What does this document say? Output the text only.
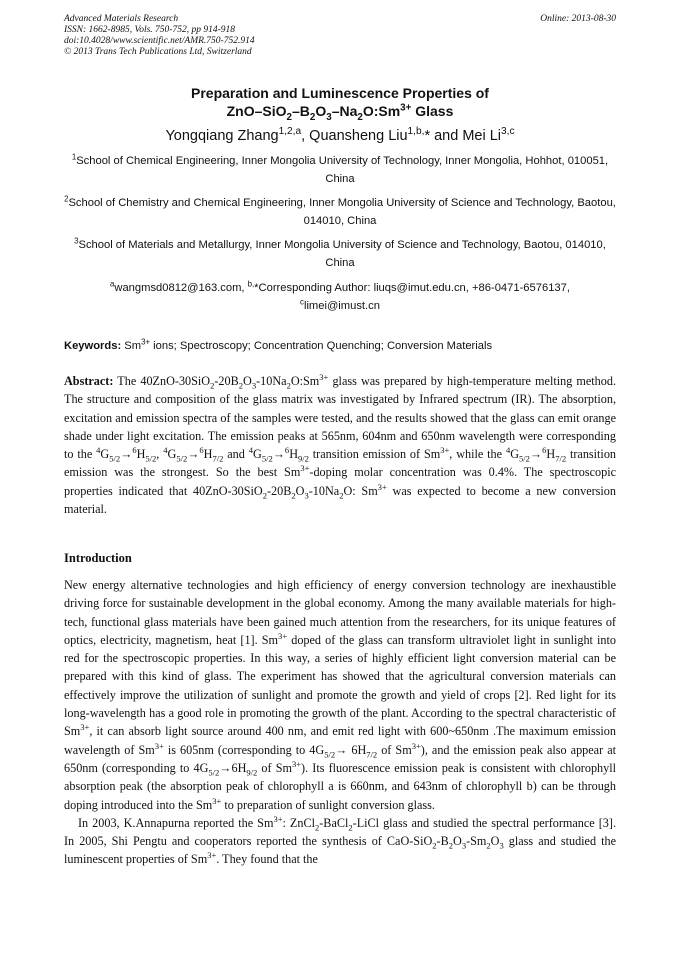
Advanced Materials Research
ISSN: 1662-8985, Vols. 750-752, pp 914-918
doi:10.4028/www.scientific.net/AMR.750-752.914
© 2013 Trans Tech Publications Ltd, Switzerland
Online: 2013-08-30
Preparation and Luminescence Properties of
ZnO–$SiO_2-B_2O_3-Na_2O:Sm^{3+}$ Glass
Yongqiang Zhang$^{1,2,a}$, Quansheng Liu$^{1,b,}$* and Mei Li$^{3,c}$
$^1$School of Chemical Engineering, Inner Mongolia University of Technology, Inner Mongolia, Hohhot, 010051, China
$^2$School of Chemistry and Chemical Engineering, Inner Mongolia University of Science and Technology, Baotou, 014010, China
$^3$School of Materials and Metallurgy, Inner Mongolia University of Science and Technology, Baotou, 014010, China
$^a$wangmsd0812@163.com, $^{b,}$*Corresponding Author: liuqs@imut.edu.cn, +86-0471-6576137,
$^c$limei@imust.cn
Keywords: $Sm^{3+}$ ions; Spectroscopy; Concentration Quenching; Conversion Materials
Abstract: The $40ZnO-30SiO_2-20B_2O_3-10Na_2O:Sm^{3+}$ glass was prepared by high-temperature melting method. The structure and composition of the glass matrix was investigated by Infrared spectrum (IR). The absorption, excitation and emission spectra of the samples were tested, and the results showed that the glass can emit orange shade under light excitation. The emission peaks at 565nm, 604nm and 650nm wavelength were corresponding to the $^4G_{5/2}\to^6H_{5/2}$, $^4G_{5/2}\to^6H_{7/2}$ and $^4G_{5/2}\to^6H_{9/2}$ transition emission of $Sm^{3+}$, while the $^4G_{5/2}\to^6H_{7/2}$ transition emission was the strongest. So the best $Sm^{3+}$-doping molar concentration was 0.4%. The spectroscopic properties indicated that $40ZnO-30SiO_2-20B_2O_3-10Na_2O$: $Sm^{3+}$ was expected to become a new conversion material.
Introduction

New energy alternative technologies and high efficiency of energy conversion technology are inexhaustible driving force for sustainable development in the global economy. Among the many available materials for high-tech, functional glass materials have been gained much attention from the researchers, for its unique features of optics, electricity, magnetism, heat [1]. $Sm^{3+}$ doped of the glass can transform ultraviolet light in sunlight into red for the spectroscopic properties. In this way, a series of highly efficient light conversion material can be prepared with this kind of glass. The experiment has showed that the agricultural conversion materials can effectively improve the utilization of sunlight and promote the growth and yield of crops [2]. Red light for its long-wavelength has a good role in promoting the growth of the plant. According to the spectral characteristic of $Sm^{3+}$, it can absorb light source around 400 nm, and emit red light with 600~650nm .The maximum emission wavelength of $Sm^{3+}$ is 605nm (corresponding to $4G_{5/2}\to 6H_{7/2}$ of $Sm^{3+}$), and the emission peak also appear at 650nm (corresponding to $4G_{5/2}\to 6H_{9/2}$ of $Sm^{3+}$). Its fluorescence emission peak is consistent with chlorophyll absorption peak (the absorption peak of chlorophyll a is 660nm, and 643nm of chlorophyll b) can be through doping introduced into the $Sm^{3+}$ to preparation of sunlight conversion glass.

In 2003, K.Annapurna reported the $Sm^{3+}$: ZnCl$_2$-BaCl$_2$-LiCl glass and studied the spectral performance [3]. In 2005, Shi Pengtu and cooperators reported the synthesis of CaO-$SiO_2-B_2O_3-Sm_2O_3$ glass and studied the luminescent properties of $Sm^{3+}$. They found that the
